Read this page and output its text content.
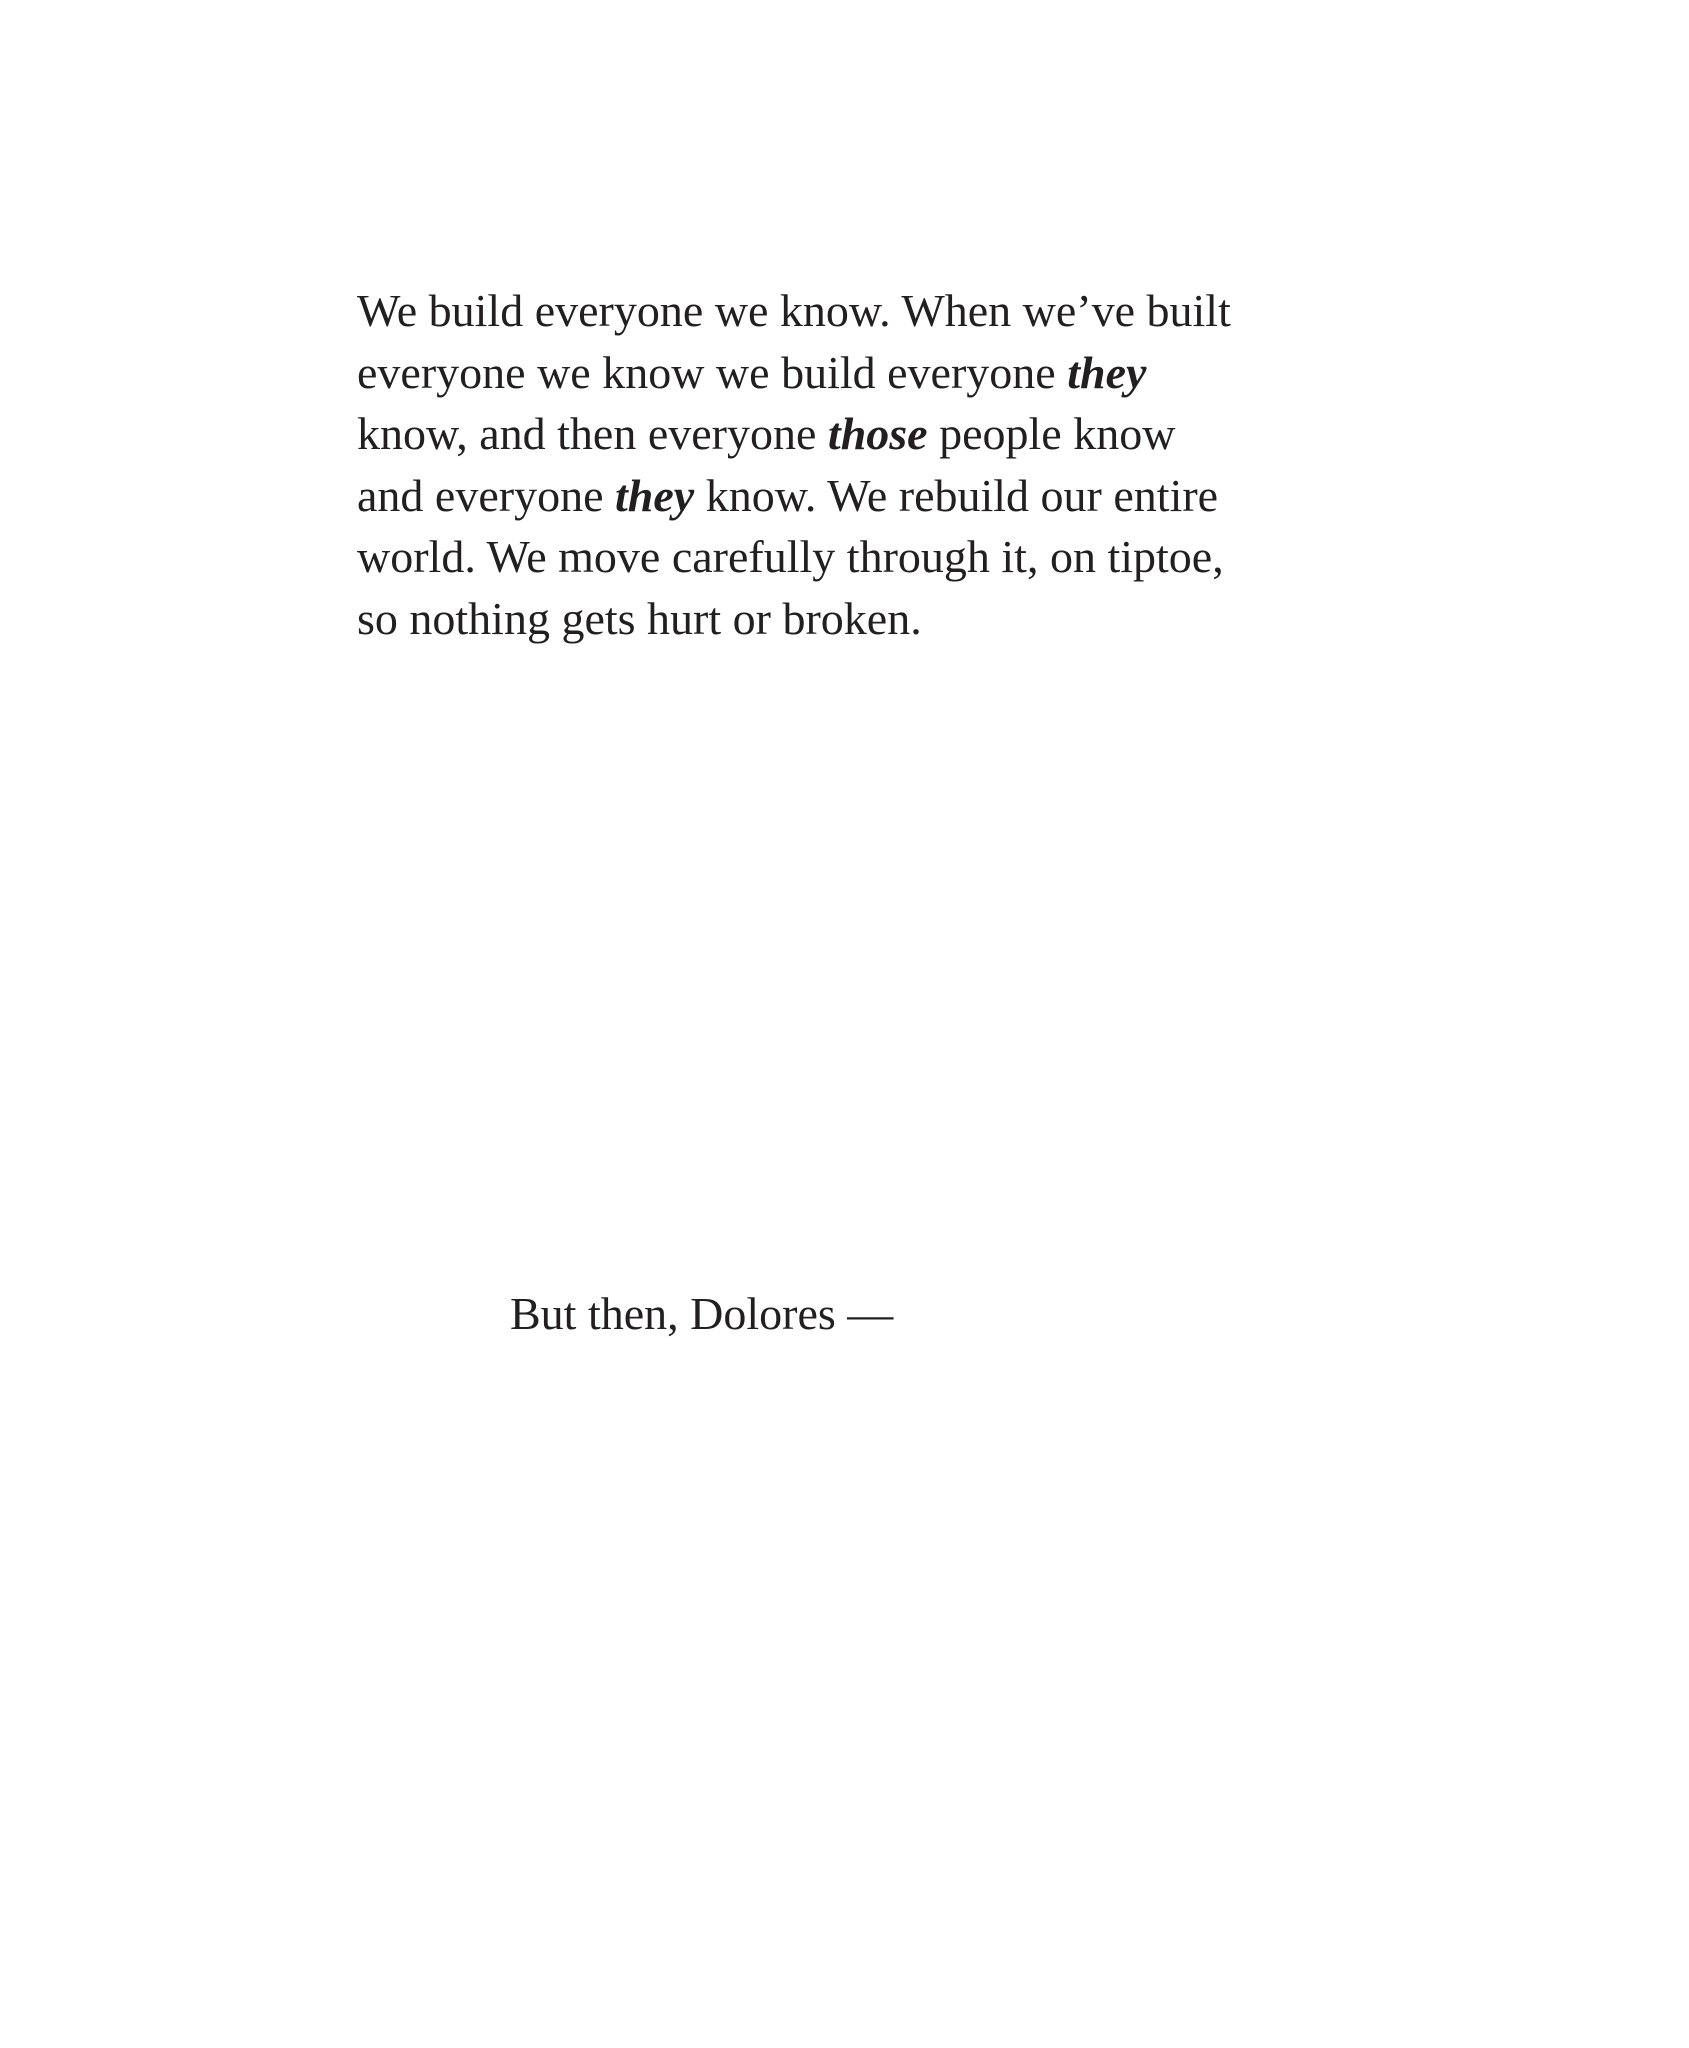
We build everyone we know. When we’ve built
everyone we know we build everyone they
know, and then everyone those people know
and everyone they know. We rebuild our entire
world. We move carefully through it, on tiptoe,
so nothing gets hurt or broken.

But then, Dolores —
